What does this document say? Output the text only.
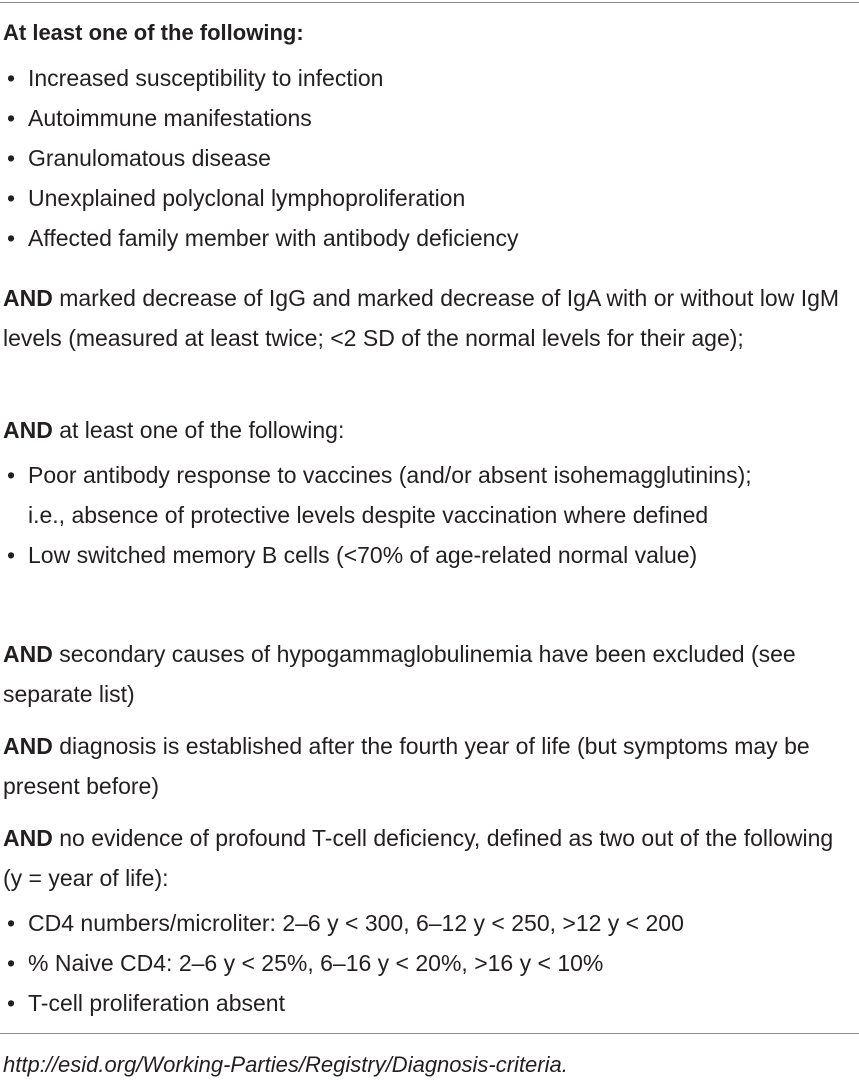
At least one of the following:

• Increased susceptibility to infection
• Autoimmune manifestations
• Granulomatous disease
• Unexplained polyclonal lymphoproliferation
• Affected family member with antibody deficiency

AND marked decrease of IgG and marked decrease of IgA with or without low IgM levels (measured at least twice; <2 SD of the normal levels for their age);

AND at least one of the following:

• Poor antibody response to vaccines (and/or absent isohemagglutinins); i.e., absence of protective levels despite vaccination where defined
• Low switched memory B cells (<70% of age-related normal value)

AND secondary causes of hypogammaglobulinemia have been excluded (see separate list)

AND diagnosis is established after the fourth year of life (but symptoms may be present before)

AND no evidence of profound T-cell deficiency, defined as two out of the following (y = year of life):

• CD4 numbers/microliter: 2–6 y < 300, 6–12 y < 250, >12 y < 200
• % Naive CD4: 2–6 y < 25%, 6–16 y < 20%, >16 y < 10%
• T-cell proliferation absent

http://esid.org/Working-Parties/Registry/Diagnosis-criteria.
